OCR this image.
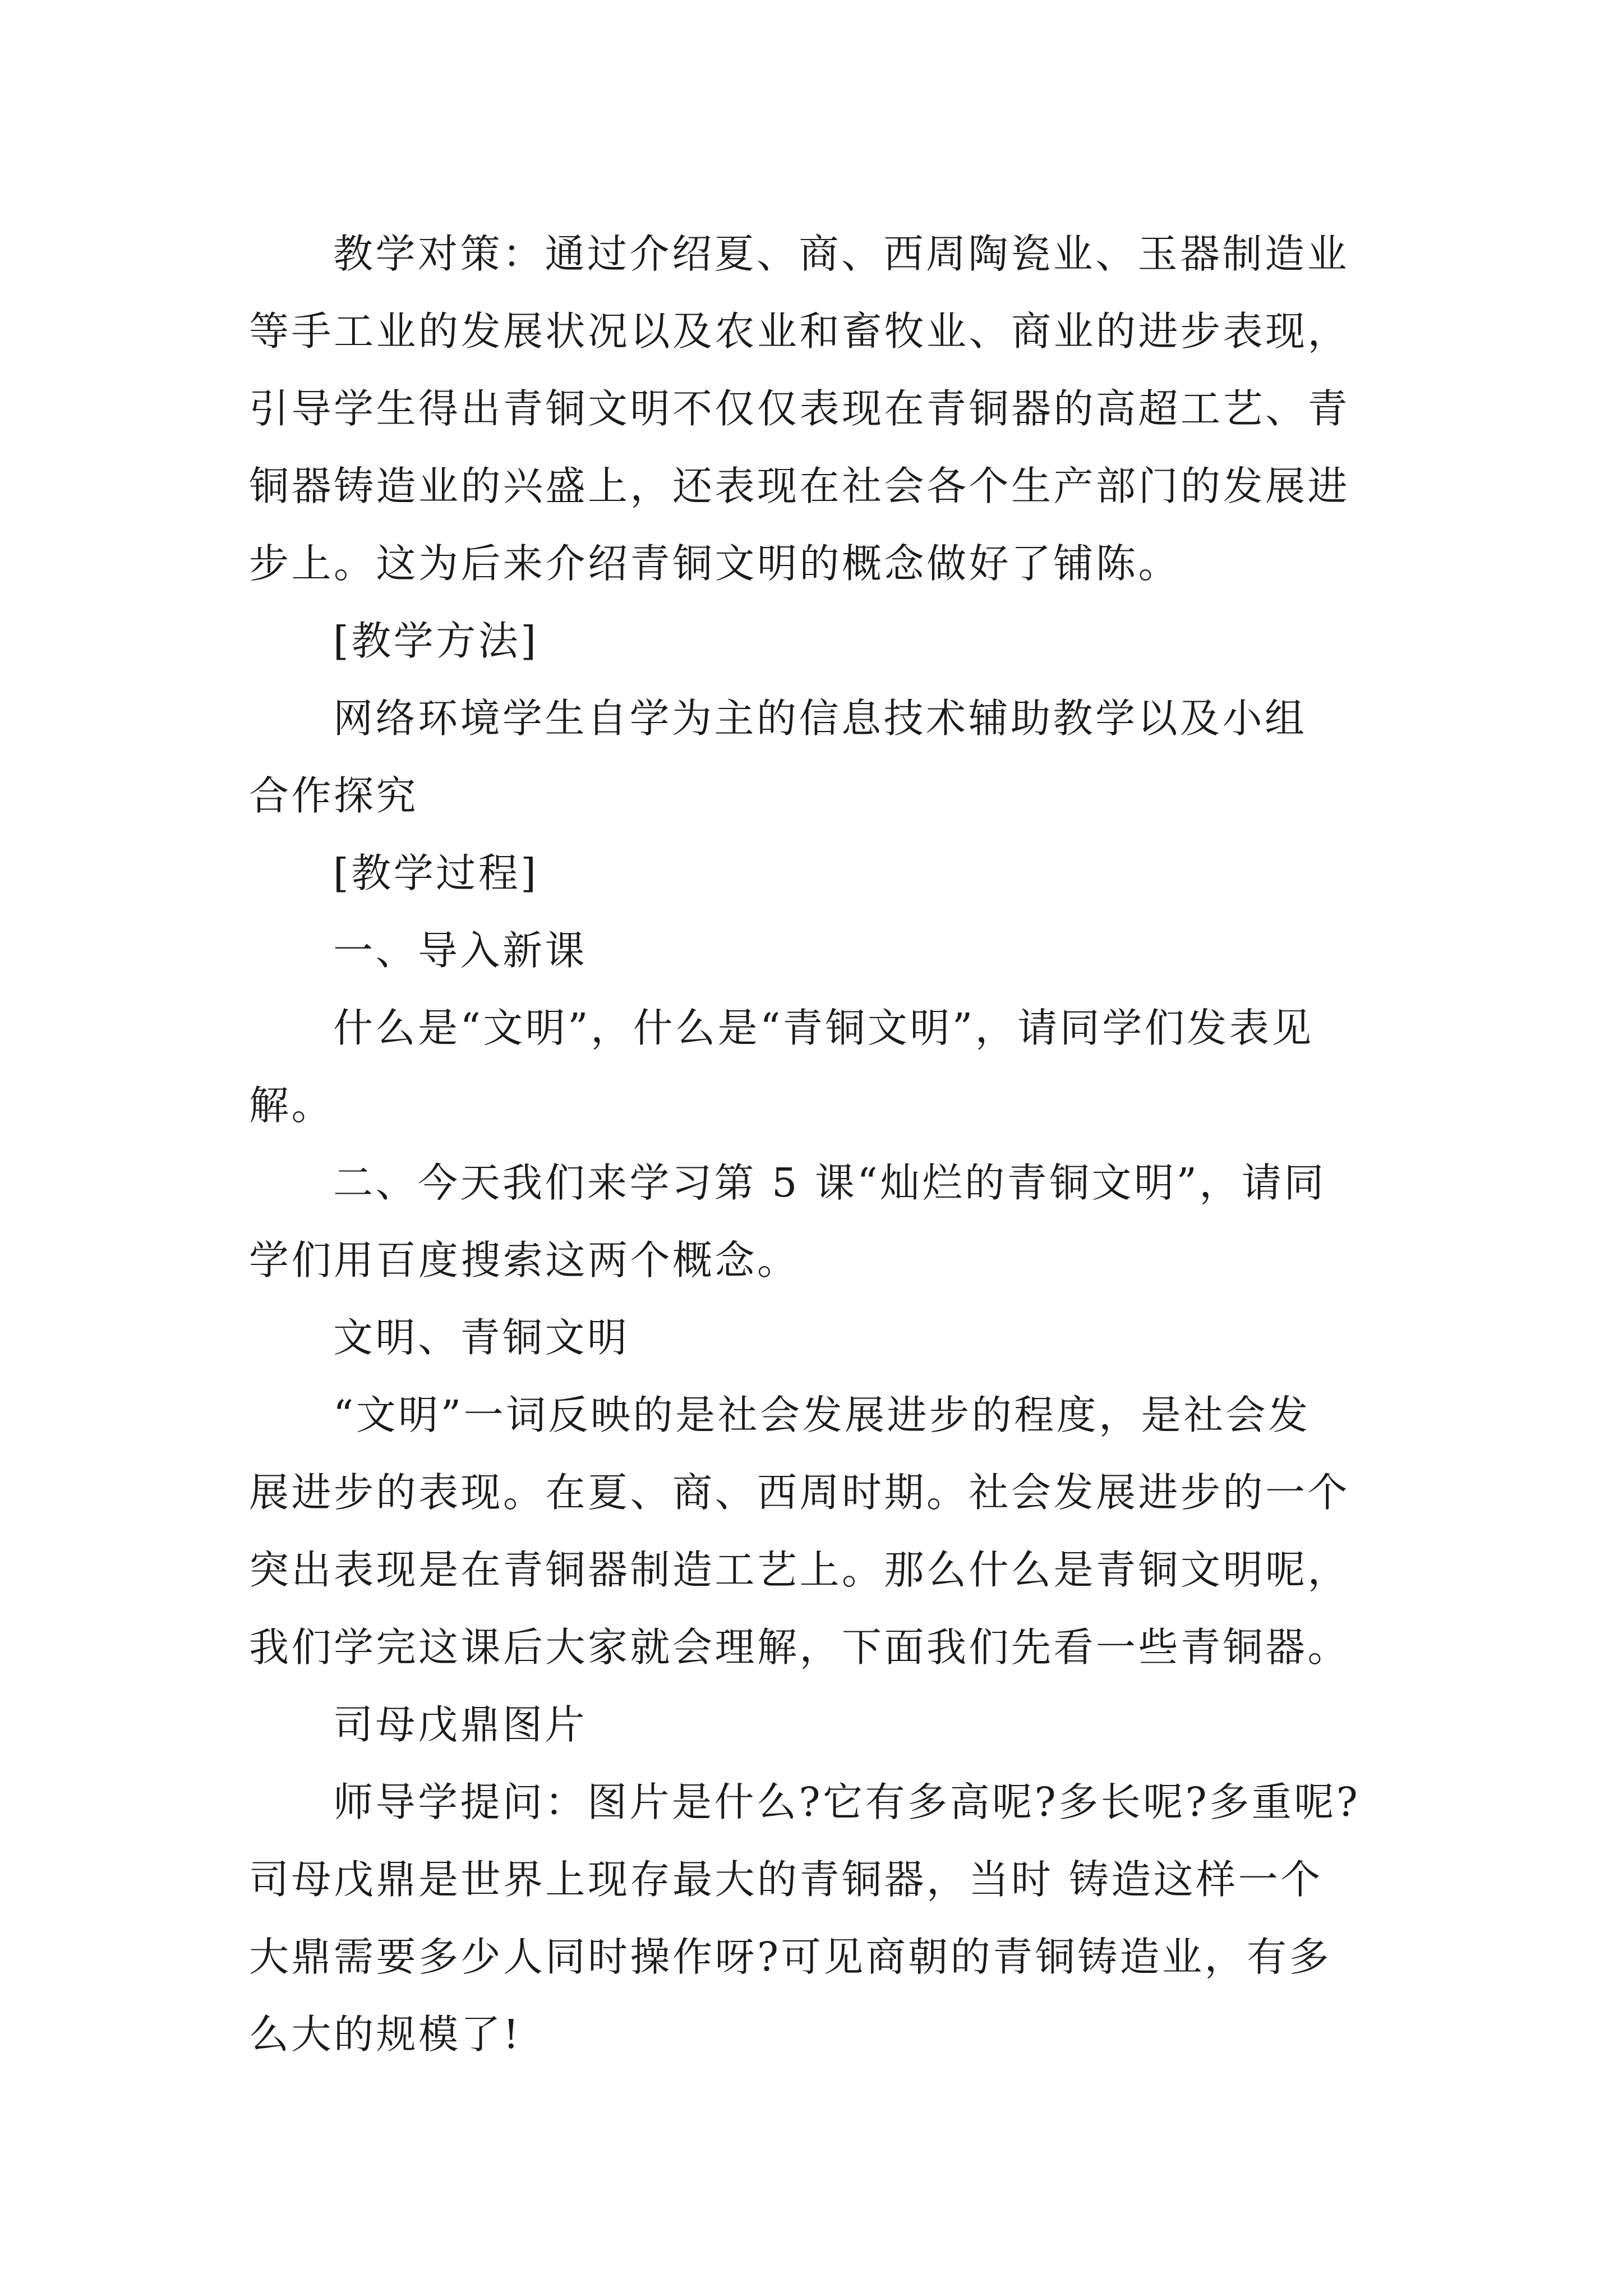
教学对策：通过介绍夏、商、西周陶瓷业、玉器制造业
等手工业的发展状况以及农业和畜牧业、商业的进步表现，
引导学生得出青铜文明不仅仅表现在青铜器的高超工艺、青
铜器铸造业的兴盛上，还表现在社会各个生产部门的发展进
步上。这为后来介绍青铜文明的概念做好了铺陈。
[教学方法]
网络环境学生自学为主的信息技术辅助教学以及小组
合作探究
[教学过程]
一、导入新课
什么是“文明”，什么是“青铜文明”，请同学们发表见
解。
二、今天我们来学习第 5 课“灿烂的青铜文明”，请同
学们用百度搜索这两个概念。
文明、青铜文明
“文明”一词反映的是社会发展进步的程度，是社会发
展进步的表现。在夏、商、西周时期。社会发展进步的一个
突出表现是在青铜器制造工艺上。那么什么是青铜文明呢，
我们学完这课后大家就会理解，下面我们先看一些青铜器。
司母戊鼎图片
师导学提问：图片是什么?它有多高呢?多长呢?多重呢?
司母戊鼎是世界上现存最大的青铜器，当时 铸造这样一个
大鼎需要多少人同时操作呀?可见商朝的青铜铸造业，有多
么大的规模了!
